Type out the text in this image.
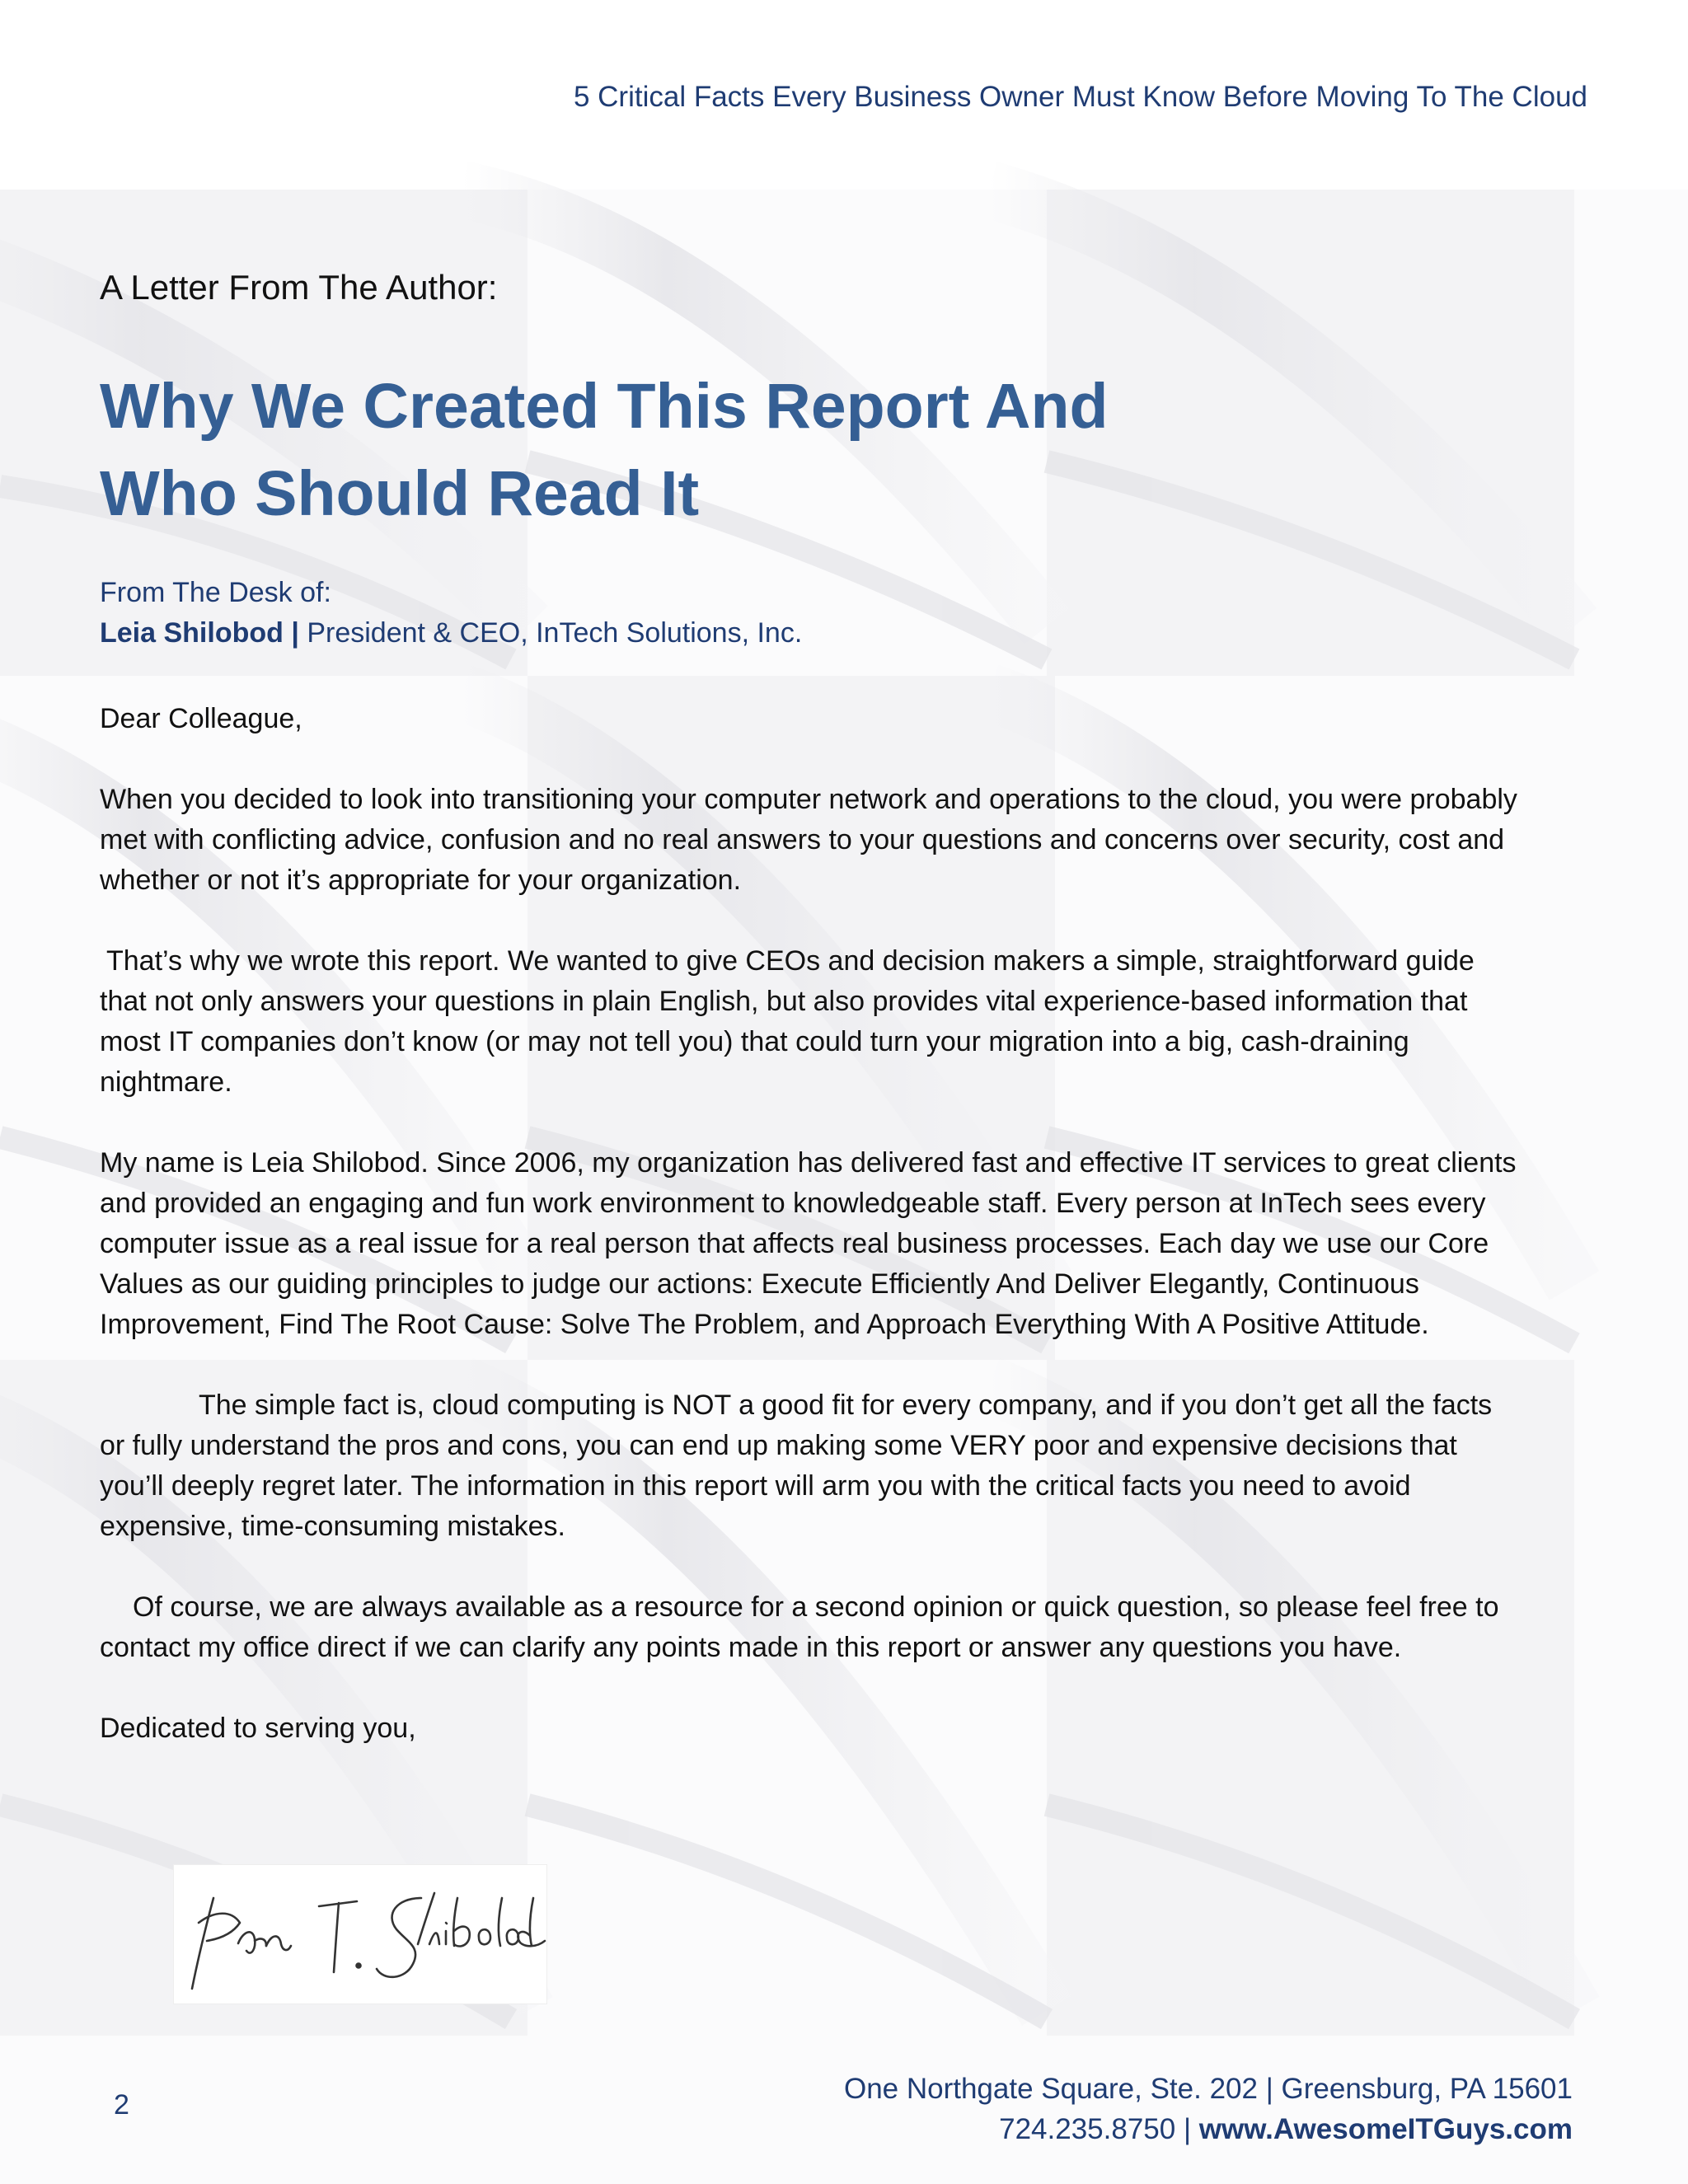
5 Critical Facts Every Business Owner Must Know Before Moving To The Cloud
A Letter From The Author:
Why We Created This Report And
Who Should Read It
From The Desk of:
Leia Shilobod | President & CEO, InTech Solutions, Inc.

Dear Colleague,

When you decided to look into transitioning your computer network and operations to the cloud, you were probably met with conflicting advice, confusion and no real answers to your questions and concerns over security, cost and whether or not it’s appropriate for your organization.

That’s why we wrote this report. We wanted to give CEOs and decision makers a simple, straightforward guide that not only answers your questions in plain English, but also provides vital experience-based information that most IT companies don’t know (or may not tell you) that could turn your migration into a big, cash-draining nightmare.

My name is Leia Shilobod. Since 2006, my organization has delivered fast and effective IT services to great clients and provided an engaging and fun work environment to knowledgeable staff. Every person at InTech sees every computer issue as a real issue for a real person that affects real business processes. Each day we use our Core Values as our guiding principles to judge our actions: Execute Efficiently And Deliver Elegantly, Continuous Improvement, Find The Root Cause: Solve The Problem, and Approach Everything With A Positive Attitude.

The simple fact is, cloud computing is NOT a good fit for every company, and if you don’t get all the facts or fully understand the pros and cons, you can end up making some VERY poor and expensive decisions that you’ll deeply regret later. The information in this report will arm you with the critical facts you need to avoid expensive, time-consuming mistakes.

Of course, we are always available as a resource for a second opinion or quick question, so please feel free to contact my office direct if we can clarify any points made in this report or answer any questions you have.

Dedicated to serving you,

2	One Northgate Square, Ste. 202 | Greensburg, PA 15601
724.235.8750 | www.AwesomeITGuys.com
